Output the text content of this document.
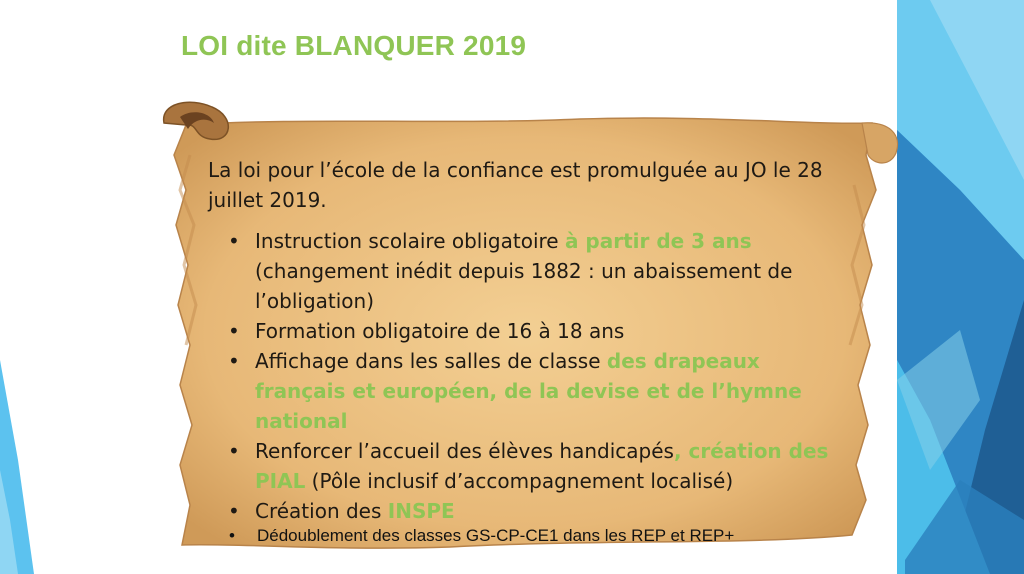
LOI dite BLANQUER 2019

La loi pour l’école de la confiance est promulguée au JO le 28 juillet 2019.

• Instruction scolaire obligatoire à partir de 3 ans (changement inédit depuis 1882 : un abaissement de l’obligation)
• Formation obligatoire de 16 à 18 ans
• Affichage dans les salles de classe des drapeaux français et européen, de la devise et de l’hymne national
• Renforcer l’accueil des élèves handicapés, création des PIAL (Pôle inclusif d’accompagnement localisé)
• Création des INSPE

• Dédoublement des classes GS-CP-CE1 dans les REP et REP+
